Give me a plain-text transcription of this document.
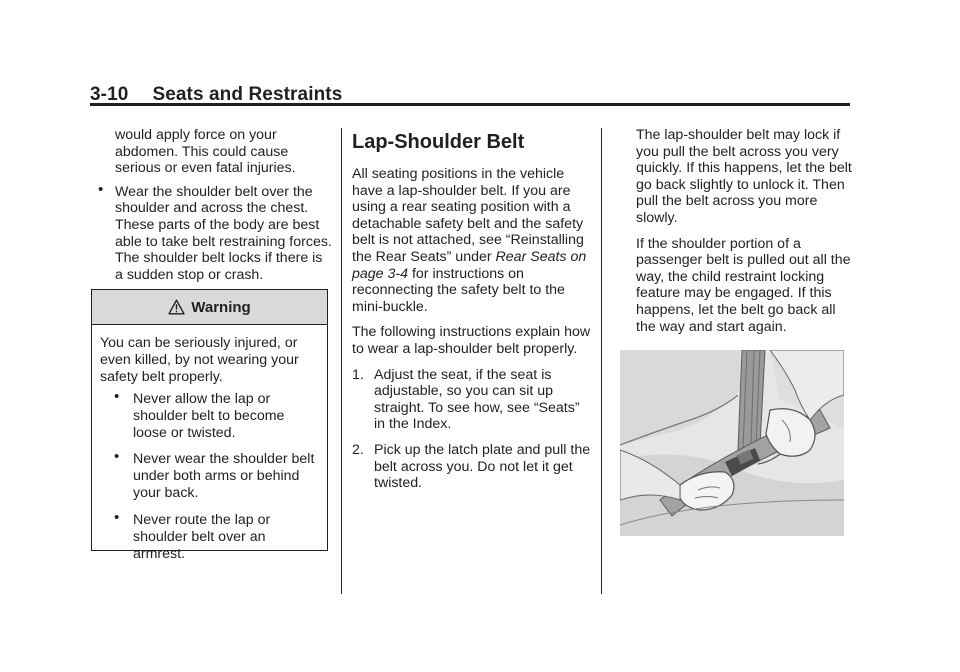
3-10 Seats and Restraints

would apply force on your abdomen. This could cause serious or even fatal injuries.

• Wear the shoulder belt over the shoulder and across the chest. These parts of the body are best able to take belt restraining forces. The shoulder belt locks if there is a sudden stop or crash.
Warning

You can be seriously injured, or even killed, by not wearing your safety belt properly.

• Never allow the lap or shoulder belt to become loose or twisted.
• Never wear the shoulder belt under both arms or behind your back.
• Never route the lap or shoulder belt over an armrest.
Lap-Shoulder Belt

All seating positions in the vehicle have a lap-shoulder belt. If you are using a rear seating position with a detachable safety belt and the safety belt is not attached, see “Reinstalling the Rear Seats” under Rear Seats on page 3-4 for instructions on reconnecting the safety belt to the mini-buckle.

The following instructions explain how to wear a lap-shoulder belt properly.

1. Adjust the seat, if the seat is adjustable, so you can sit up straight. To see how, see “Seats” in the Index.
2. Pick up the latch plate and pull the belt across you. Do not let it get twisted.

The lap-shoulder belt may lock if you pull the belt across you very quickly. If this happens, let the belt go back slightly to unlock it. Then pull the belt across you more slowly.

If the shoulder portion of a passenger belt is pulled out all the way, the child restraint locking feature may be engaged. If this happens, let the belt go back all the way and start again.
